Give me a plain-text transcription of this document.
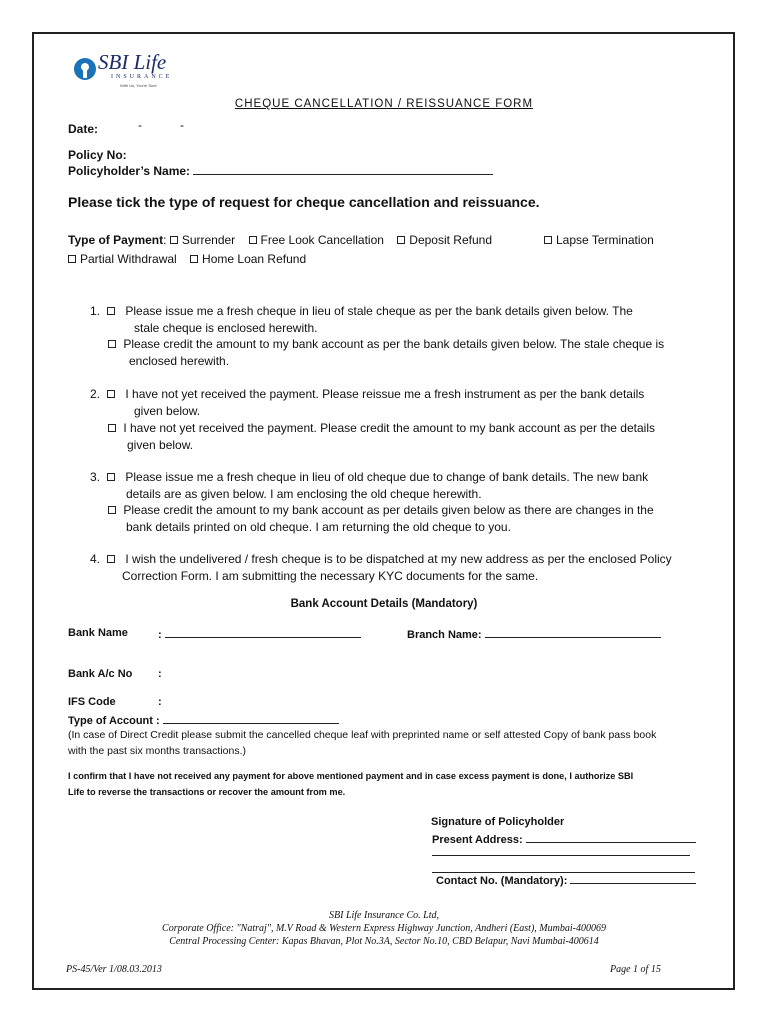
SBI Life
INSURANCE
With Us, You're Sure
CHEQUE CANCELLATION / REISSUANCE FORM
Date:	-	-
Policy No:
Policyholder’s Name:
Please tick the type of request for cheque cancellation and reissuance.
Type of Payment: Surrender Free Look Cancellation Deposit Refund	Lapse Termination
Partial Withdrawal Home Loan Refund
1. Please issue me a fresh cheque in lieu of stale cheque as per the bank details given below. The
stale cheque is enclosed herewith.
Please credit the amount to my bank account as per the bank details given below. The stale cheque is
enclosed herewith.
2. I have not yet received the payment. Please reissue me a fresh instrument as per the bank details
given below.
I have not yet received the payment. Please credit the amount to my bank account as per the details
given below.
3. Please issue me a fresh cheque in lieu of old cheque due to change of bank details. The new bank
details are as given below. I am enclosing the old cheque herewith.
Please credit the amount to my bank account as per details given below as there are changes in the
bank details printed on old cheque. I am returning the old cheque to you.
4. I wish the undelivered / fresh cheque is to be dispatched at my new address as per the enclosed Policy
Correction Form. I am submitting the necessary KYC documents for the same.
Bank Account Details (Mandatory)
Bank Name	:	Branch Name:
Bank A/c No :
IFS Code	:
Type of Account :
(In case of Direct Credit please submit the cancelled cheque leaf with preprinted name or self attested Copy of bank pass book
with the past six months transactions.)
I confirm that I have not received any payment for above mentioned payment and in case excess payment is done, I authorize SBI
Life to reverse the transactions or recover the amount from me.
Signature of Policyholder
Present Address:
Contact No. (Mandatory):
SBI Life Insurance Co. Ltd,
Corporate Office: "Natraj", M.V Road & Western Express Highway Junction, Andheri (East), Mumbai-400069
Central Processing Center: Kapas Bhavan, Plot No.3A, Sector No.10, CBD Belapur, Navi Mumbai-400614
PS-45/Ver 1/08.03.2013	Page 1 of 15
